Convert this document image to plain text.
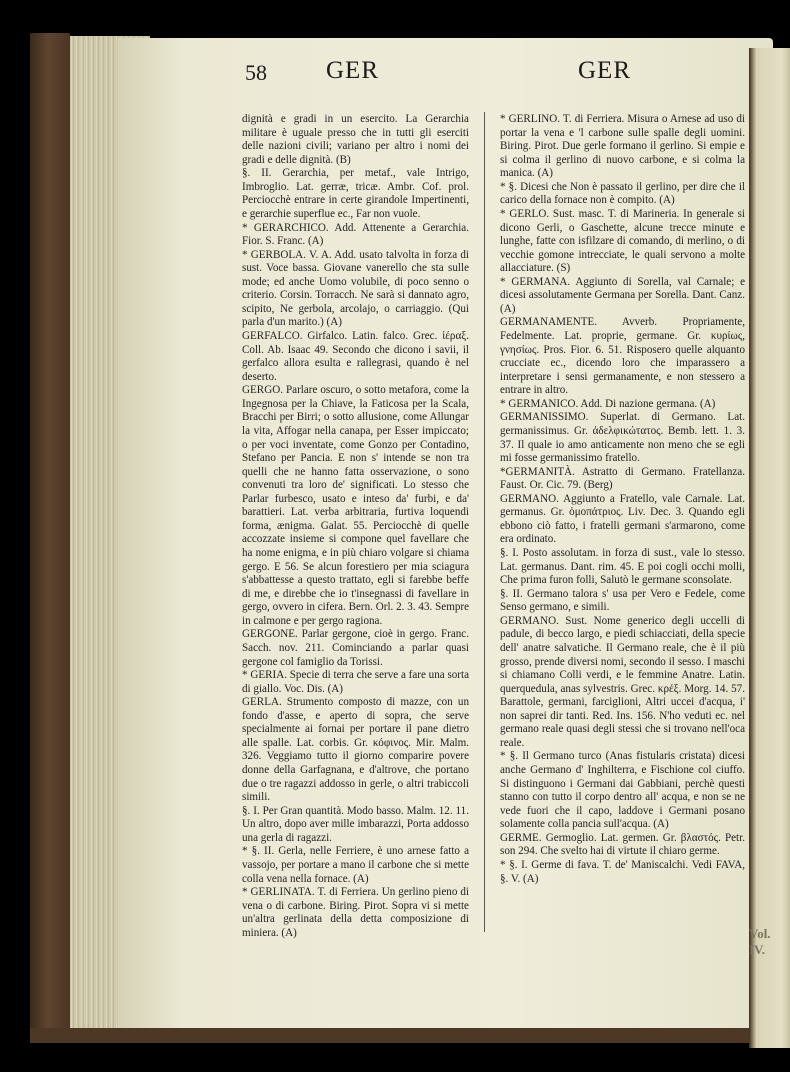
Vol. IV.
58 GER	GER

dignità e gradi in un esercito. La Gerarchia militare è uguale presso che in tutti gli eserciti delle nazioni civili; variano per altro i nomi dei gradi e delle dignità. (B)

§. II. Gerarchia, per metaf., vale Intrigo, Imbroglio. Lat. gerræ, tricæ. Ambr. Cof. prol. Perciocchè entrare in certe girandole Impertinenti, e gerarchie superflue ec., Far non vuole.

* GERARCHICO. Add. Attenente a Gerarchia. Fior. S. Franc. (A)

* GERBOLA. V. A. Add. usato talvolta in forza di sust. Voce bassa. Giovane vanerello che sta sulle mode; ed anche Uomo volubile, di poco senno o criterio. Corsin. Torracch. Ne sarà si dannato agro, scipito, Ne gerbola, arcolajo, o carriaggio. (Qui parla d'un marito.) (A)

GERFALCO. Girfalco. Latin. falco. Grec. ἱέραξ. Coll. Ab. Isaac 49. Secondo che dicono i savii, il gerfalco allora esulta e rallegrasi, quando è nel deserto.

GERGO. Parlare oscuro, o sotto metafora, come la Ingegnosa per la Chiave, la Faticosa per la Scala, Bracchi per Birri; o sotto allusione, come Allungar la vita, Affogar nella canapa, per Esser impiccato; o per voci inventate, come Gonzo per Contadino, Stefano per Pancia. E non s' intende se non tra quelli che ne hanno fatta osservazione, o sono convenuti tra loro de' significati. Lo stesso che Parlar furbesco, usato e inteso da' furbi, e da' barattieri. Lat. verba arbitraria, furtiva loquendi forma, ænigma. Galat. 55. Perciocchè di quelle accozzate insieme si compone quel favellare che ha nome enigma, e in più chiaro volgare si chiama gergo. E 56. Se alcun forestiero per mia sciagura s'abbattesse a questo trattato, egli si farebbe beffe di me, e direbbe che io t'insegnassi di favellare in gergo, ovvero in cifera. Bern. Orl. 2. 3. 43. Sempre in calmone e per gergo ragiona.

GERGONE. Parlar gergone, cioè in gergo. Franc. Sacch. nov. 211. Cominciando a parlar quasi gergone col famiglio da Torissi.

* GERIA. Specie di terra che serve a fare una sorta di giallo. Voc. Dis. (A)

GERLA. Strumento composto di mazze, con un fondo d'asse, e aperto di sopra, che serve specialmente ai fornai per portare il pane dietro alle spalle. Lat. corbis. Gr. κόφινος. Mir. Malm. 326. Veggiamo tutto il giorno comparire povere donne della Garfagnana, e d'altrove, che portano due o tre ragazzi addosso in gerle, o altri trabiccoli simili.

§. I. Per Gran quantità. Modo basso. Malm. 12. 11. Un altro, dopo aver mille imbarazzi, Porta addosso una gerla di ragazzi.

* §. II. Gerla, nelle Ferriere, è uno arnese fatto a vassojo, per portare a mano il carbone che si mette colla vena nella fornace. (A)

* GERLINATA. T. di Ferriera. Un gerlino pieno di vena o di carbone. Biring. Pirot. Sopra vi si mette un'altra gerlinata della detta composizione di miniera. (A)

* GERLINO. T. di Ferriera. Misura o Arnese ad uso di portar la vena e 'l carbone sulle spalle degli uomini. Biring. Pirot. Due gerle formano il gerlino. Si empie e si colma il gerlino di nuovo carbone, e si colma la manica. (A)

* §. Dicesi che Non è passato il gerlino, per dire che il carico della fornace non è compito. (A)

* GERLO. Sust. masc. T. di Marineria. In generale si dicono Gerli, o Gaschette, alcune trecce minute e lunghe, fatte con isfilzare di comando, di merlino, o di vecchie gomone intrecciate, le quali servono a molte allacciature. (S)

* GERMANA. Aggiunto di Sorella, val Carnale; e dicesi assolutamente Germana per Sorella. Dant. Canz. (A)

GERMANAMENTE. Avverb. Propriamente, Fedelmente. Lat. proprie, germane. Gr. κυρίως, γνησίως. Pros. Fior. 6. 51. Risposero quelle alquanto crucciate ec., dicendo loro che imparassero a interpretare i sensi germanamente, e non stessero a entrare in altro.

* GERMANICO. Add. Di nazione germana. (A)

GERMANISSIMO. Superlat. di Germano. Lat. germanissimus. Gr. ἀδελφικώτατος. Bemb. lett. 1. 3. 37. Il quale io amo anticamente non meno che se egli mi fosse germanissimo fratello.

*GERMANITÀ. Astratto di Germano. Fratellanza. Faust. Or. Cic. 79. (Berg)

GERMANO. Aggiunto a Fratello, vale Carnale. Lat. germanus. Gr. ὁμοπάτριος. Liv. Dec. 3. Quando egli ebbono ciò fatto, i fratelli germani s'armarono, come era ordinato.

§. I. Posto assolutam. in forza di sust., vale lo stesso. Lat. germanus. Dant. rim. 45. E poi cogli occhi molli, Che prima furon folli, Salutò le germane sconsolate.

§. II. Germano talora s' usa per Vero e Fedele, come Senso germano, e simili.

GERMANO. Sust. Nome generico degli uccelli di padule, di becco largo, e piedi schiacciati, della specie dell' anatre salvatiche. Il Germano reale, che è il più grosso, prende diversi nomi, secondo il sesso. I maschi si chiamano Colli verdi, e le femmine Anatre. Latin. querquedula, anas sylvestris. Grec. κρέξ. Morg. 14. 57. Barattole, germani, farciglioni, Altri uccei d'acqua, i' non saprei dir tanti. Red. Ins. 156. N'ho veduti ec. nel germano reale quasi degli stessi che si trovano nell'oca reale.

* §. Il Germano turco (Anas fistularis cristata) dicesi anche Germano d' Inghilterra, e Fischione col ciuffo. Si distinguono i Germani dai Gabbiani, perchè questi stanno con tutto il corpo dentro all' acqua, e non se ne vede fuori che il capo, laddove i Germani posano solamente colla pancia sull'acqua. (A)

GERME. Germoglio. Lat. germen. Gr. βλαστός. Petr. son 294. Che svelto hai di virtute il chiaro germe.

* §. I. Germe di fava. T. de' Maniscalchi. Vedi FAVA, §. V. (A)
